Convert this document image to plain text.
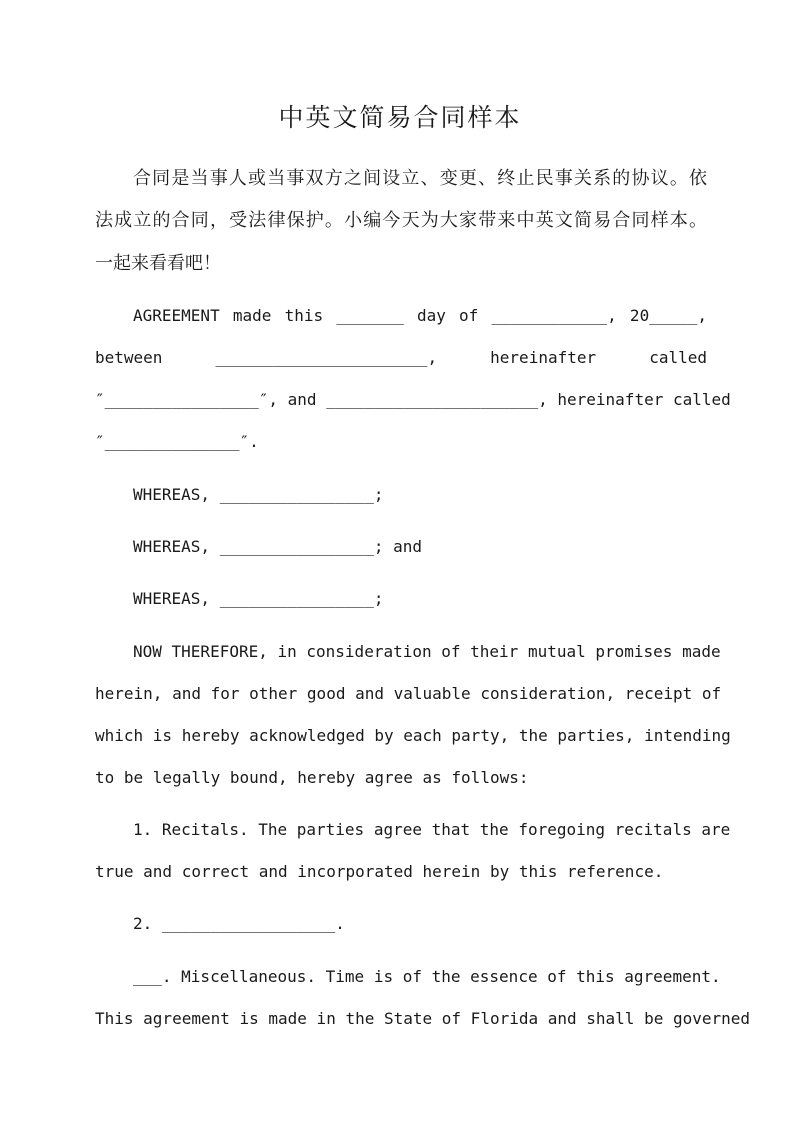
中英文简易合同样本

合同是当事人或当事双方之间设立、变更、终止民事关系的协议。依

法成立的合同，受法律保护。小编今天为大家带来中英文简易合同样本。

一起来看看吧！

AGREEMENT made this _______ day of ____________, 20_____,

between ______________________, hereinafter called

″________________″, and ______________________, hereinafter called

″______________″.

WHEREAS, ________________;

WHEREAS, ________________; and

WHEREAS, ________________;

NOW THEREFORE, in consideration of their mutual promises made

herein, and for other good and valuable consideration, receipt of

which is hereby acknowledged by each party, the parties, intending

to be legally bound, hereby agree as follows:

1. Recitals. The parties agree that the foregoing recitals are

true and correct and incorporated herein by this reference.

2. __________________.

___. Miscellaneous. Time is of the essence of this agreement.

This agreement is made in the State of Florida and shall be governed
